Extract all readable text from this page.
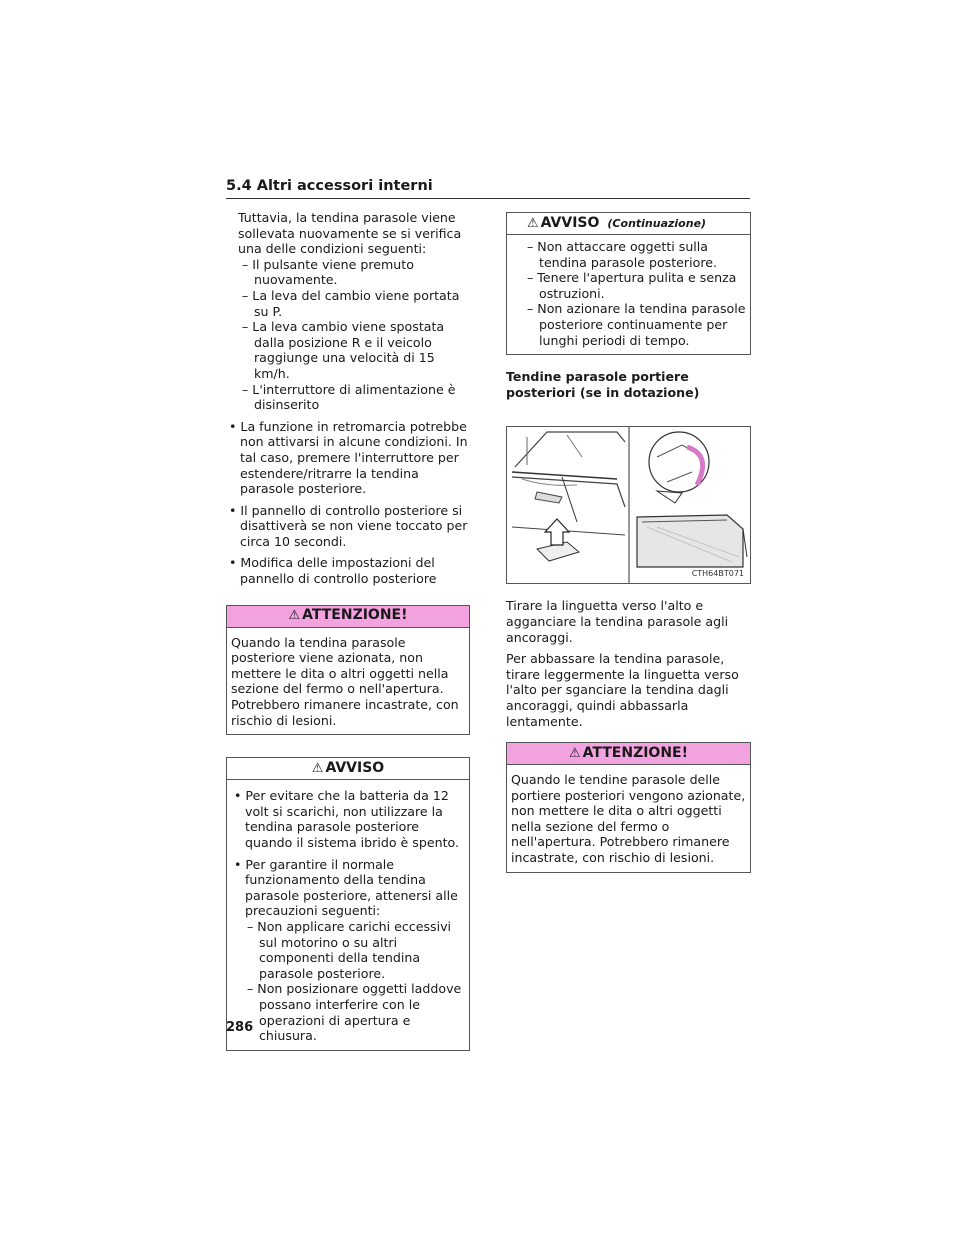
5.4 Altri accessori interni

Tuttavia, la tendina parasole viene sollevata nuovamente se si verifica una delle condizioni seguenti:

– Il pulsante viene premuto nuovamente.

– La leva del cambio viene portata su P.

– La leva cambio viene spostata dalla posizione R e il veicolo raggiunge una velocità di 15 km/h.

– L'interruttore di alimentazione è disinserito

• La funzione in retromarcia potrebbe non attivarsi in alcune condizioni. In tal caso, premere l'interruttore per estendere/ritrarre la tendina parasole posteriore.

• Il pannello di controllo posteriore si disattiverà se non viene toccato per circa 10 secondi.

• Modifica delle impostazioni del pannello di controllo posteriore

⚠ ATTENZIONE!

Quando la tendina parasole posteriore viene azionata, non mettere le dita o altri oggetti nella sezione del fermo o nell'apertura. Potrebbero rimanere incastrate, con rischio di lesioni.

⚠ AVVISO

• Per evitare che la batteria da 12 volt si scarichi, non utilizzare la tendina parasole posteriore quando il sistema ibrido è spento.

• Per garantire il normale funzionamento della tendina parasole posteriore, attenersi alle precauzioni seguenti:

– Non applicare carichi eccessivi sul motorino o su altri componenti della tendina parasole posteriore.

– Non posizionare oggetti laddove possano interferire con le operazioni di apertura e chiusura.

⚠ AVVISO (Continuazione)

– Non attaccare oggetti sulla tendina parasole posteriore.

– Tenere l'apertura pulita e senza ostruzioni.

– Non azionare la tendina parasole posteriore continuamente per lunghi periodi di tempo.

Tendine parasole portiere posteriori (se in dotazione)

CTH64BT071

Tirare la linguetta verso l'alto e agganciare la tendina parasole agli ancoraggi.

Per abbassare la tendina parasole, tirare leggermente la linguetta verso l'alto per sganciare la tendina dagli ancoraggi, quindi abbassarla lentamente.

⚠ ATTENZIONE!

Quando le tendine parasole delle portiere posteriori vengono azionate, non mettere le dita o altri oggetti nella sezione del fermo o nell'apertura. Potrebbero rimanere incastrate, con rischio di lesioni.

286
